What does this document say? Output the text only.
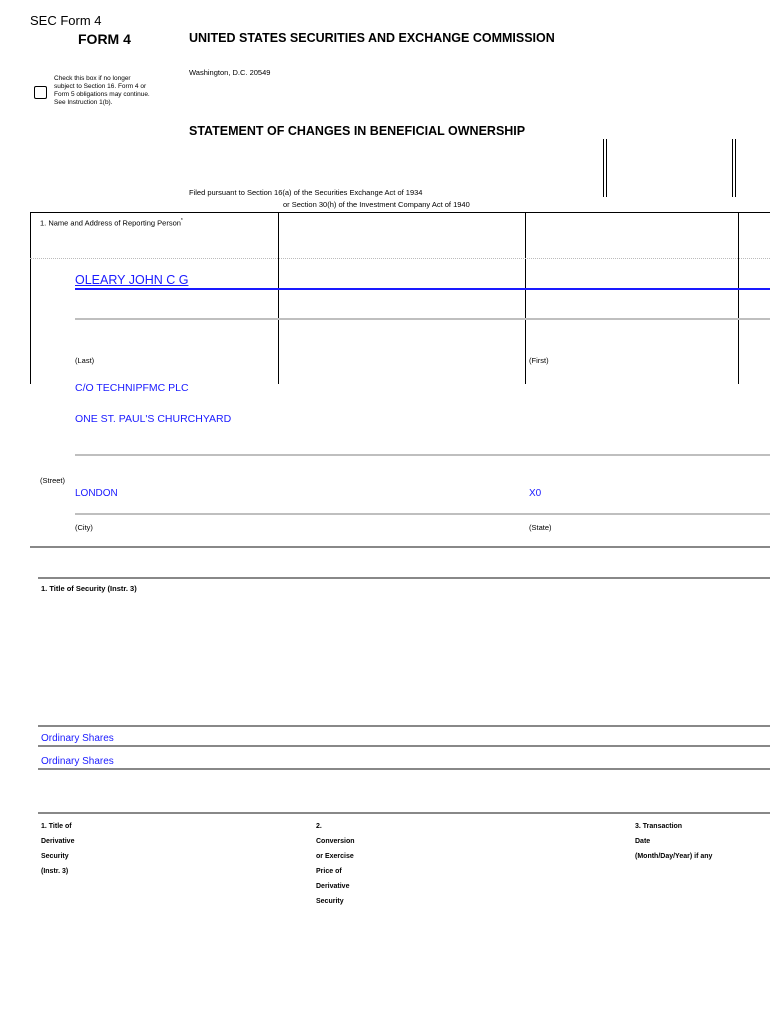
SEC Form 4
FORM 4	UNITED STATES SECURITIES AND EXCHANGE COMMISSION
Washington, D.C. 20549
Check this box if no longer
subject to Section 16. Form 4 or
Form 5 obligations may continue.
See Instruction 1(b).
STATEMENT OF CHANGES IN BENEFICIAL OWNERSHIP
Filed pursuant to Section 16(a) of the Securities Exchange Act of 1934
or Section 30(h) of the Investment Company Act of 1940
1. Name and Address of Reporting Person*
OLEARY JOHN C G
(Last)	(First)
C/O TECHNIPFMC PLC
ONE ST. PAUL'S CHURCHYARD
(Street)
LONDON	X0
(City)	(State)
1. Title of Security (Instr. 3)
Ordinary Shares
Ordinary Shares
1. Title of
Derivative
Security
(Instr. 3)
2.
Conversion
or Exercise
Price of
Derivative
Security
3. Transaction
Date
(Month/Day/Year) if any
